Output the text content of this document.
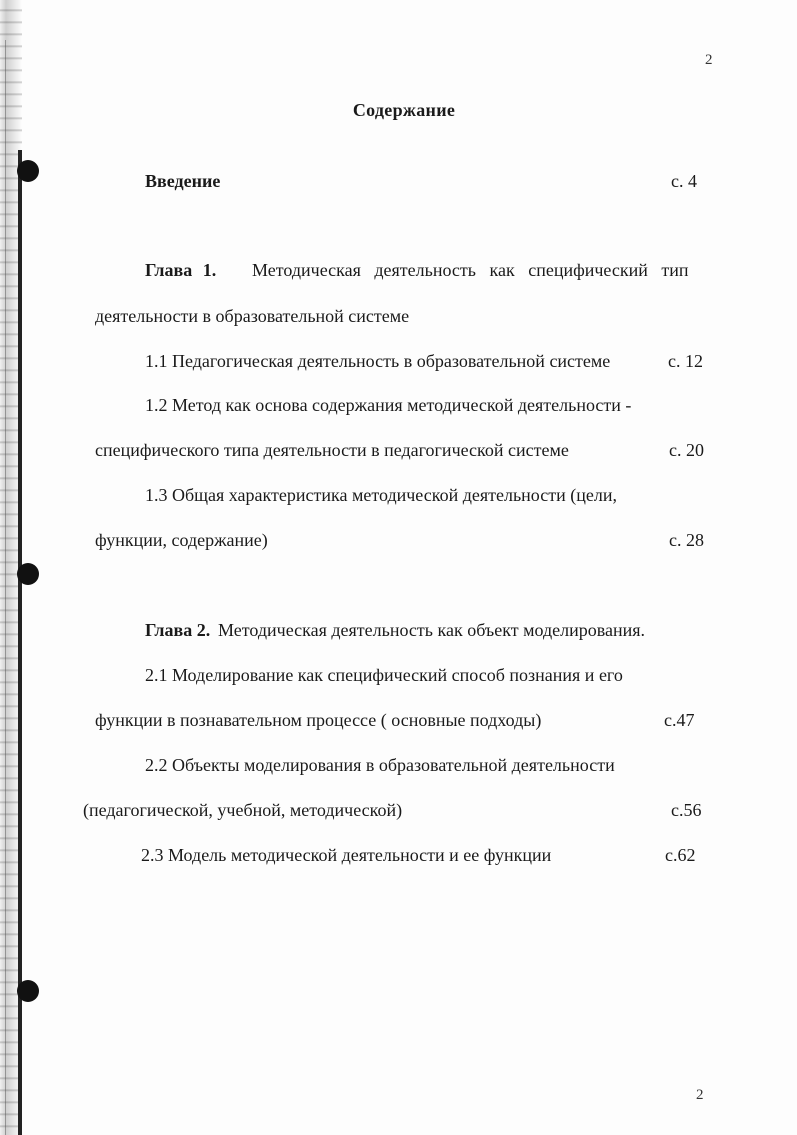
2
2
Содержание
Введение	с. 4
Глава 1. Методическая деятельность как специфический тип
деятельности в образовательной системе
1.1 Педагогическая деятельность в образовательной системе	с. 12
1.2 Метод как основа содержания методической деятельности -
специфического типа деятельности в педагогической системе	с. 20
1.3 Общая характеристика методической деятельности (цели,
функции, содержание)	с. 28
Глава 2. Методическая деятельность как объект моделирования.
2.1 Моделирование как специфический способ познания и его
функции в познавательном процессе ( основные подходы)	с.47
2.2 Объекты моделирования в образовательной деятельности
(педагогической, учебной, методической)	с.56
2.3 Модель методической деятельности и ее функции	с.62
